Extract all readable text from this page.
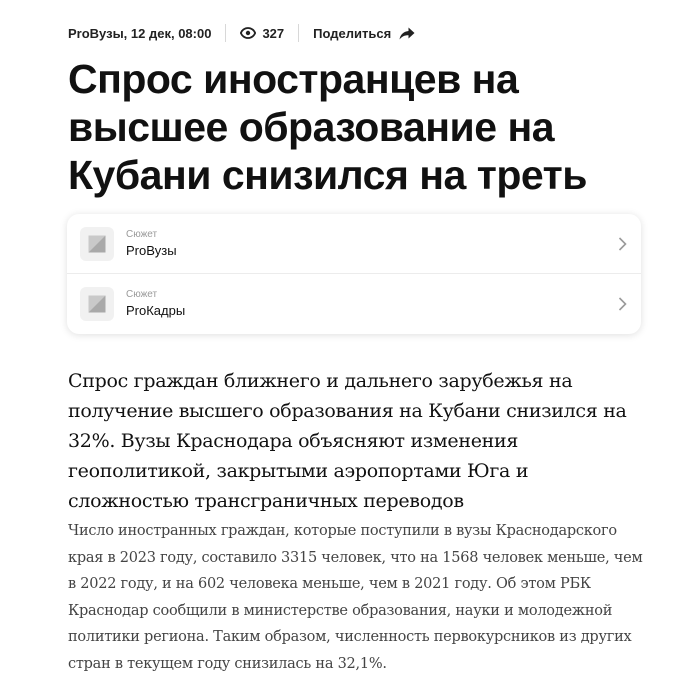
ProВузы, 12 дек, 08:00	327 Поделиться
Спрос иностранцев на высшее образование на Кубани снизился на треть
Сюжет
ProВузы
Сюжет
ProКадры

Спрос граждан ближнего и дальнего зарубежья на получение высшего образования на Кубани снизился на 32%. Вузы Краснодара объясняют изменения геополитикой, закрытыми аэропортами Юга и сложностью трансграничных переводов

Число иностранных граждан, которые поступили в вузы Краснодарского края в 2023 году, составило 3315 человек, что на 1568 человек меньше, чем в 2022 году, и на 602 человека меньше, чем в 2021 году. Об этом РБК Краснодар сообщили в министерстве образования, науки и молодежной политики региона. Таким образом, численность первокурсников из других стран в текущем году снизилась на 32,1%.
